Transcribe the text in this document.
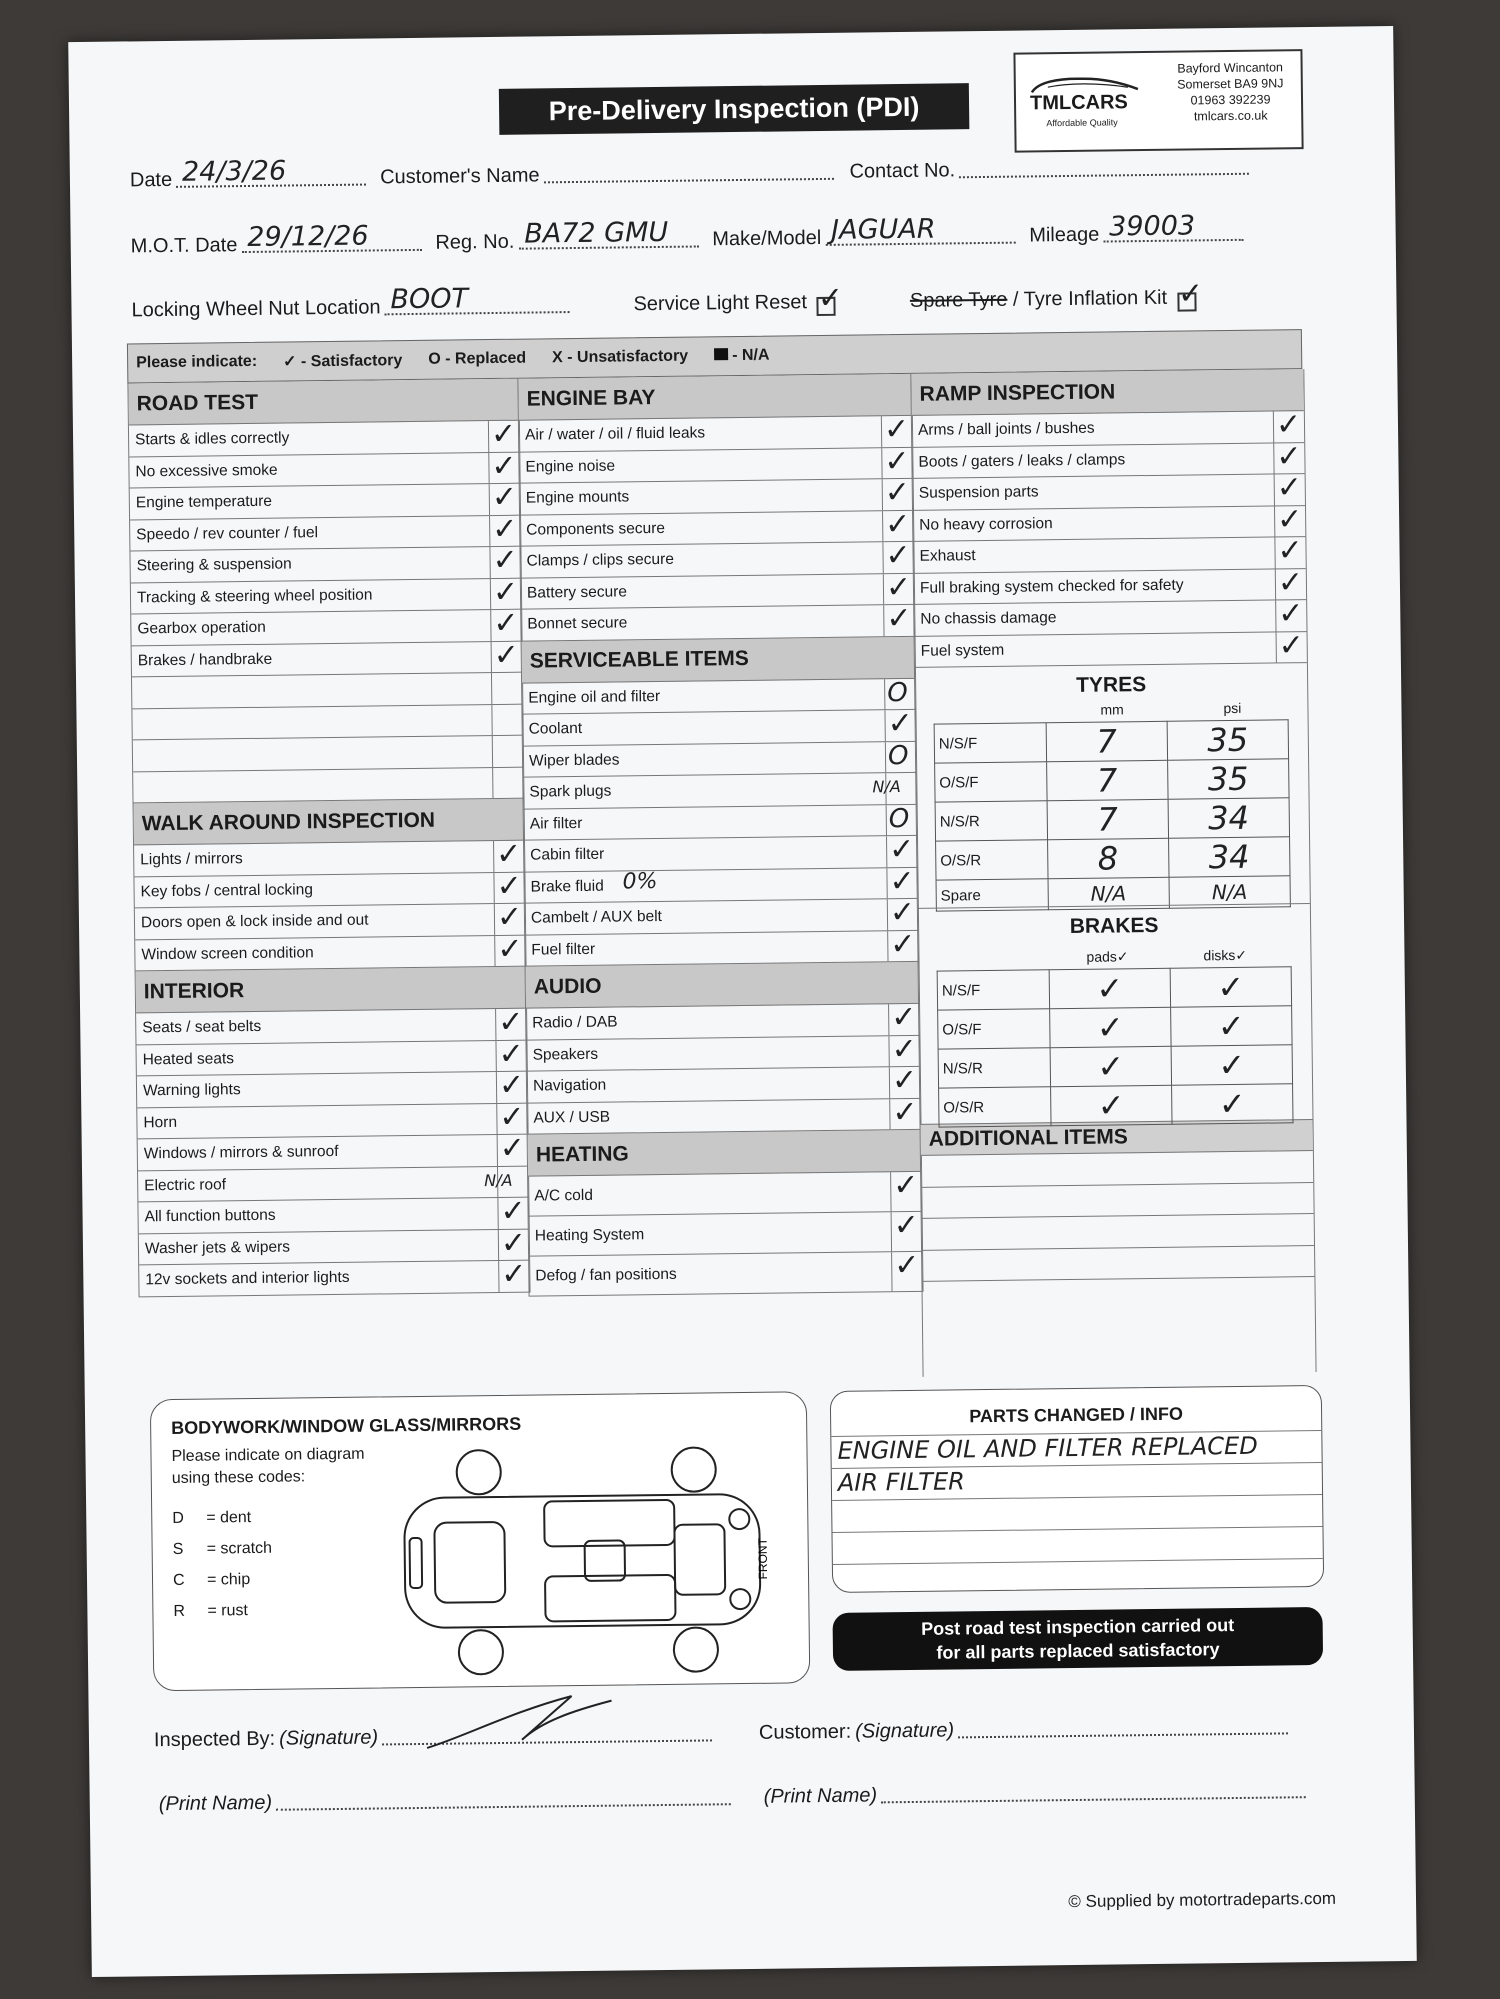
Pre-Delivery Inspection (PDI)	TMLCARS
Affordable Quality
Bayford Wincanton
Somerset BA9 9NJ
01963 392239
tmlcars.co.uk
Date 24/3/26	Customer's Name	Contact No.
M.O.T. Date 29/12/26	Reg. No. BA72 GMU Make/Model JAGUAR	Mileage 39003
Locking Wheel Nut Location BOOT	Service Light Reset ✓	Spare Tyre / Tyre Inflation Kit ✓
Please indicate: ✓ - Satisfactory O - Replaced X - Unsatisfactory	- N/A
ROAD TEST
Starts & idles correctly	✓
No excessive smoke	✓
Engine temperature	✓
Speedo / rev counter / fuel	✓
Steering & suspension	✓
Tracking & steering wheel position	✓
Gearbox operation	✓
Brakes / handbrake	✓
WALK AROUND INSPECTION
Lights / mirrors	✓
Key fobs / central locking	✓
Doors open & lock inside and out	✓
Window screen condition	✓
INTERIOR
Seats / seat belts	✓
Heated seats	✓
Warning lights	✓
Horn	✓
Windows / mirrors & sunroof	✓
Electric roof	N/A
All function buttons	✓
Washer jets & wipers	✓
12v sockets and interior lights	✓
ENGINE BAY
Air / water / oil / fluid leaks	✓
Engine noise	✓
Engine mounts	✓
Components secure	✓
Clamps / clips secure	✓
Battery secure	✓
Bonnet secure	✓
SERVICEABLE ITEMS
Engine oil and filter	O
Coolant	✓
Wiper blades	O
Spark plugs	N/A
Air filter	O
Cabin filter	✓
Brake fluid 0%	✓
Cambelt / AUX belt	✓
Fuel filter	✓
AUDIO
Radio / DAB	✓
Speakers	✓
Navigation	✓
AUX / USB	✓
HEATING
A/C cold	✓
Heating System	✓
Defog / fan positions	✓
RAMP INSPECTION
Arms / ball joints / bushes	✓
Boots / gaters / leaks / clamps	✓
Suspension parts	✓
No heavy corrosion	✓
Exhaust	✓
Full braking system checked for safety	✓
No chassis damage	✓
Fuel system	✓
TYRES
mm	psi
N/S/F	7	35
O/S/F	7	35
N/S/R	7	34
O/S/R	8	34
Spare	N/A	N/A
BRAKES
pads✓	disks✓
N/S/F	✓	✓
O/S/F	✓	✓
N/S/R	✓	✓
O/S/R	✓	✓
ADDITIONAL ITEMS
BODYWORK/WINDOW GLASS/MIRRORS
Please indicate on diagram
using these codes:
D = dent
S = scratch
C = chip
R = rust
FRONT
PARTS CHANGED / INFO
ENGINE OIL AND FILTER REPLACED
AIR FILTER
Post road test inspection carried out
for all parts replaced satisfactory
Inspected By: (Signature)	Customer: (Signature)
(Print Name)	(Print Name)
© Supplied by motortradeparts.com
